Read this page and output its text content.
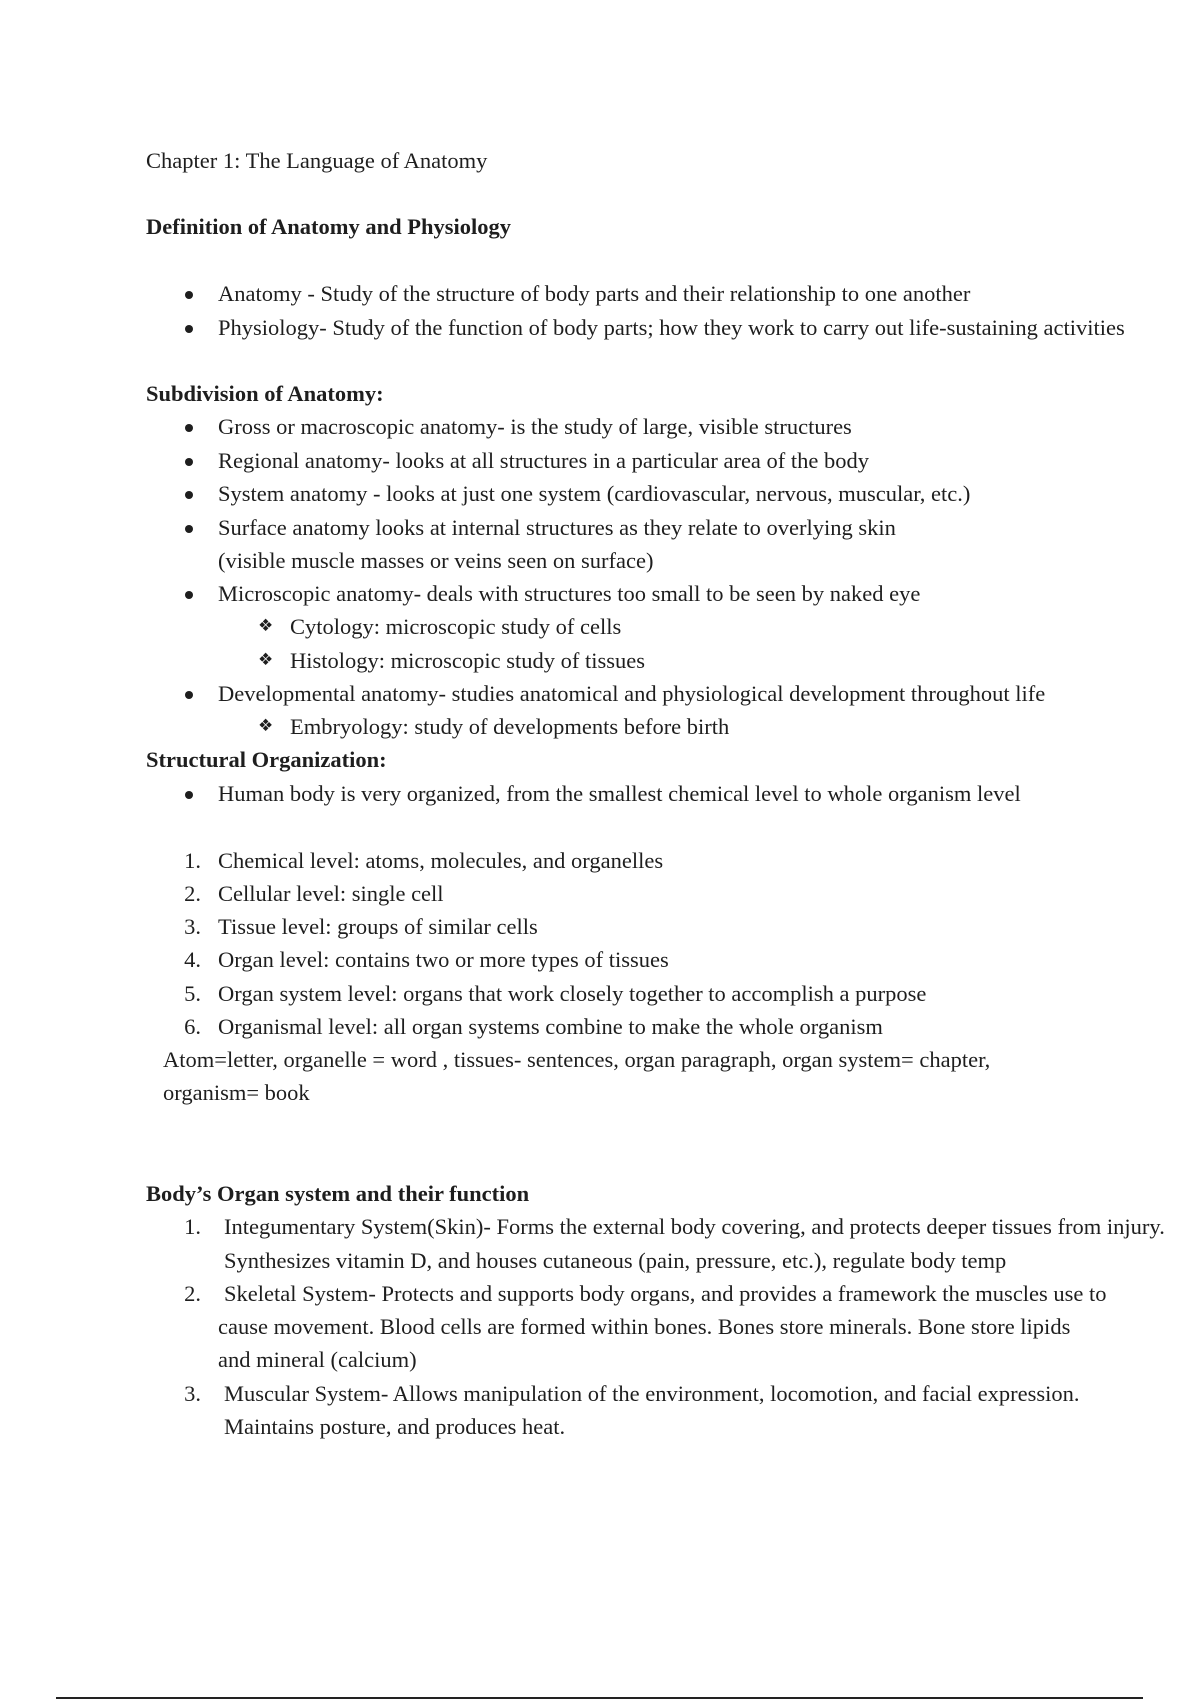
Chapter 1: The Language of Anatomy
Definition of Anatomy and Physiology
Anatomy - Study of the structure of body parts and their relationship to one another
Physiology- Study of the function of body parts; how they work to carry out life-sustaining activities
Subdivision of Anatomy:
Gross or macroscopic anatomy- is the study of large, visible structures
Regional anatomy- looks at all structures in a particular area of the body
System anatomy - looks at just one system (cardiovascular, nervous, muscular, etc.)
Surface anatomy looks at internal structures as they relate to overlying skin
(visible muscle masses or veins seen on surface)
Microscopic anatomy- deals with structures too small to be seen by naked eye
❖ Cytology: microscopic study of cells
❖ Histology: microscopic study of tissues
Developmental anatomy- studies anatomical and physiological development throughout life
❖ Embryology: study of developments before birth
Structural Organization:
Human body is very organized, from the smallest chemical level to whole organism level
1. Chemical level: atoms, molecules, and organelles
2. Cellular level: single cell
3. Tissue level: groups of similar cells
4. Organ level: contains two or more types of tissues
5. Organ system level: organs that work closely together to accomplish a purpose
6. Organismal level: all organ systems combine to make the whole organism
Atom=letter, organelle = word , tissues- sentences, organ paragraph, organ system= chapter,
organism= book
Body’s Organ system and their function
1. Integumentary System(Skin)- Forms the external body covering, and protects deeper tissues from injury.
Synthesizes vitamin D, and houses cutaneous (pain, pressure, etc.), regulate body temp
2. Skeletal System- Protects and supports body organs, and provides a framework the muscles use to
cause movement. Blood cells are formed within bones. Bones store minerals. Bone store lipids
and mineral (calcium)
3. Muscular System- Allows manipulation of the environment, locomotion, and facial expression.
Maintains posture, and produces heat.
